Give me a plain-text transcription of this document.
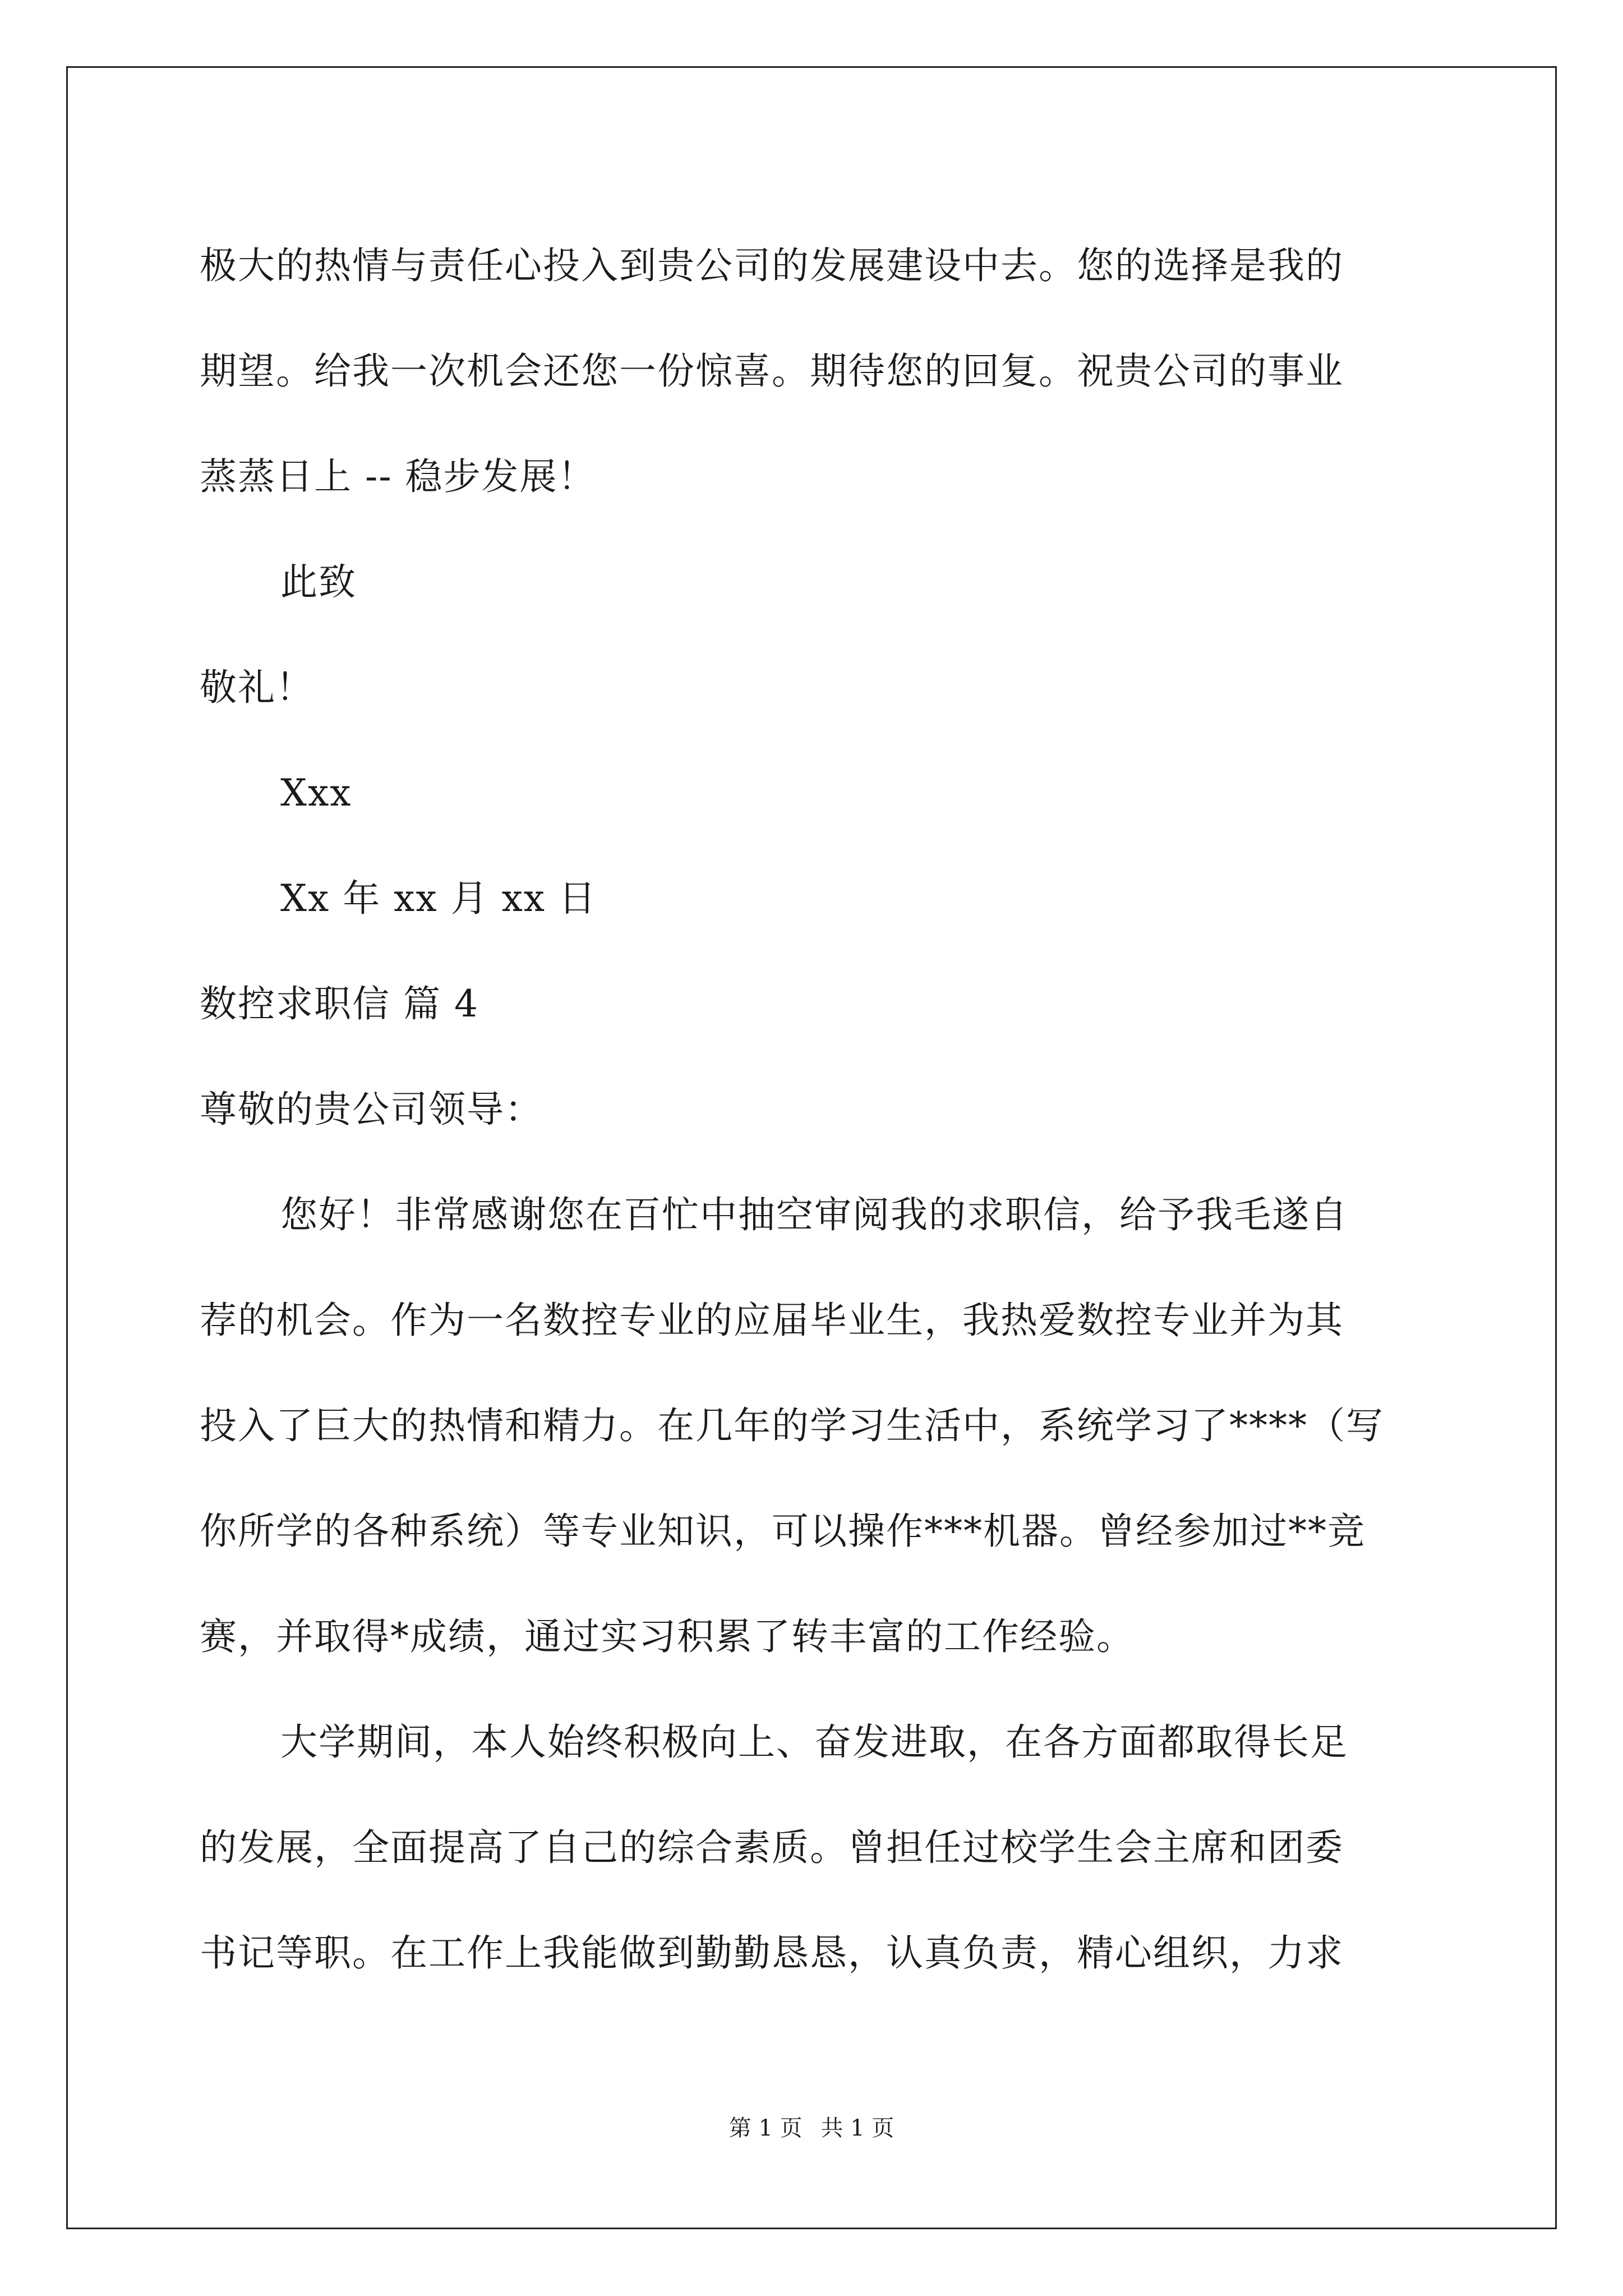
极大的热情与责任心投入到贵公司的发展建设中去。您的选择是我的
期望。给我一次机会还您一份惊喜。期待您的回复。祝贵公司的事业
蒸蒸日上 -- 稳步发展！
此致
敬礼！
Xxx
Xx 年 xx 月 xx 日
数控求职信 篇 4
尊敬的贵公司领导：
您好！非常感谢您在百忙中抽空审阅我的求职信，给予我毛遂自
荐的机会。作为一名数控专业的应届毕业生，我热爱数控专业并为其
投入了巨大的热情和精力。在几年的学习生活中，系统学习了****（写
你所学的各种系统）等专业知识，可以操作***机器。曾经参加过**竞
赛，并取得*成绩，通过实习积累了转丰富的工作经验。
大学期间，本人始终积极向上、奋发进取，在各方面都取得长足
的发展，全面提高了自己的综合素质。曾担任过校学生会主席和团委
书记等职。在工作上我能做到勤勤恳恳，认真负责，精心组织，力求
第 1 页 共 1 页
